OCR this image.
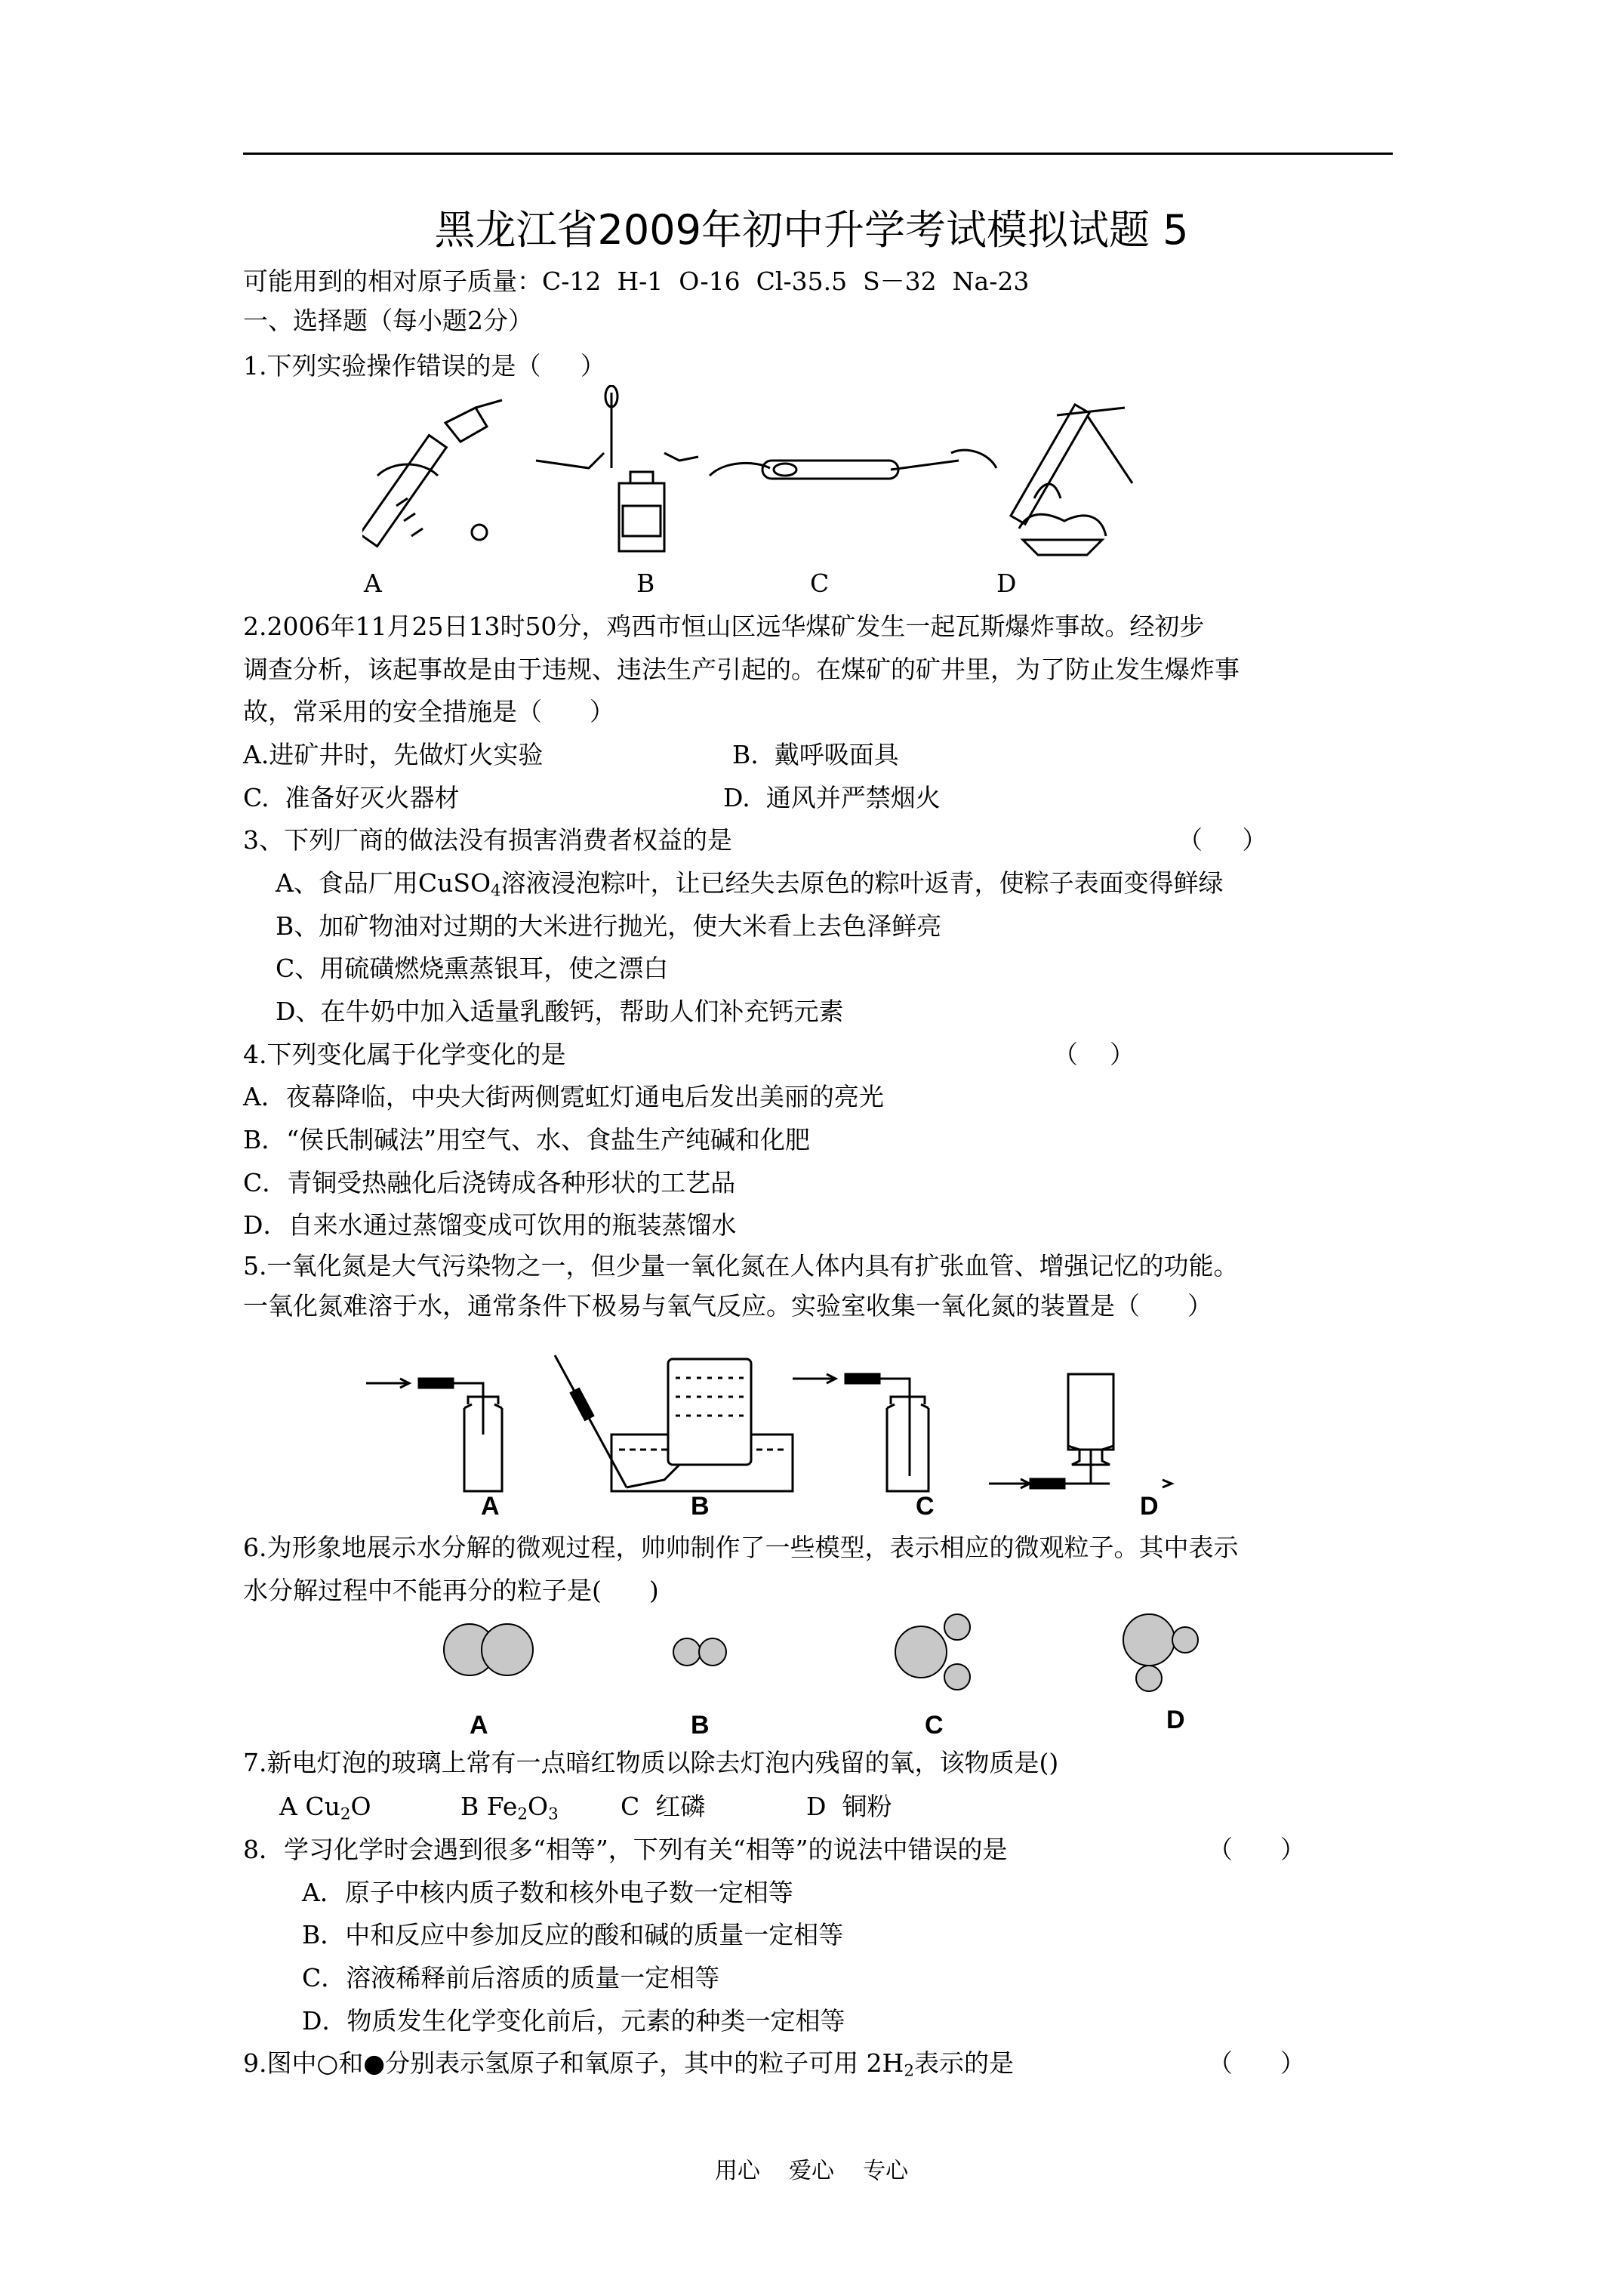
黑龙江省2009年初中升学考试模拟试题 5
可能用到的相对原子质量：C-12  H-1  O-16  Cl-35.5  S－32  Na-23
一、选择题（每小题2分）
1.下列实验操作错误的是（     ）
A	B	C	D
2.2006年11月25日13时50分，鸡西市恒山区远华煤矿发生一起瓦斯爆炸事故。经初步
调查分析，该起事故是由于违规、违法生产引起的。在煤矿的矿井里，为了防止发生爆炸事
故，常采用的安全措施是（      ）
A.进矿井时，先做灯火实验	B.  戴呼吸面具
C.  准备好灭火器材	D.  通风并严禁烟火
3、下列厂商的做法没有损害消费者权益的是	（     ）
A、食品厂用CuSO$_4$溶液浸泡粽叶，让已经失去原色的粽叶返青，使粽子表面变得鲜绿
B、加矿物油对过期的大米进行抛光，使大米看上去色泽鲜亮
C、用硫磺燃烧熏蒸银耳，使之漂白
D、在牛奶中加入适量乳酸钙，帮助人们补充钙元素
4.下列变化属于化学变化的是	（    ）
A．夜幕降临，中央大街两侧霓虹灯通电后发出美丽的亮光
B．“侯氏制碱法”用空气、水、食盐生产纯碱和化肥
C．青铜受热融化后浇铸成各种形状的工艺品
D．自来水通过蒸馏变成可饮用的瓶装蒸馏水
5.一氧化氮是大气污染物之一，但少量一氧化氮在人体内具有扩张血管、增强记忆的功能。
一氧化氮难溶于水，通常条件下极易与氧气反应。实验室收集一氧化氮的装置是（      ）
A	B	C	D
6.为形象地展示水分解的微观过程，帅帅制作了一些模型，表示相应的微观粒子。其中表示
水分解过程中不能再分的粒子是(      )
A	B	C	D
7.新电灯泡的玻璃上常有一点暗红物质以除去灯泡内残留的氧，该物质是()
A $Cu_2O$	B $Fe_2O_3$ C  红磷	D  铜粉
8．学习化学时会遇到很多“相等”，下列有关“相等”的说法中错误的是	（      ）
A．原子中核内质子数和核外电子数一定相等
B．中和反应中参加反应的酸和碱的质量一定相等
C．溶液稀释前后溶质的质量一定相等
D．物质发生化学变化前后，元素的种类一定相等
9.图中○和●分别表示氢原子和氧原子，其中的粒子可用 $2H_2$表示的是	（      ）
用心    爱心    专心
